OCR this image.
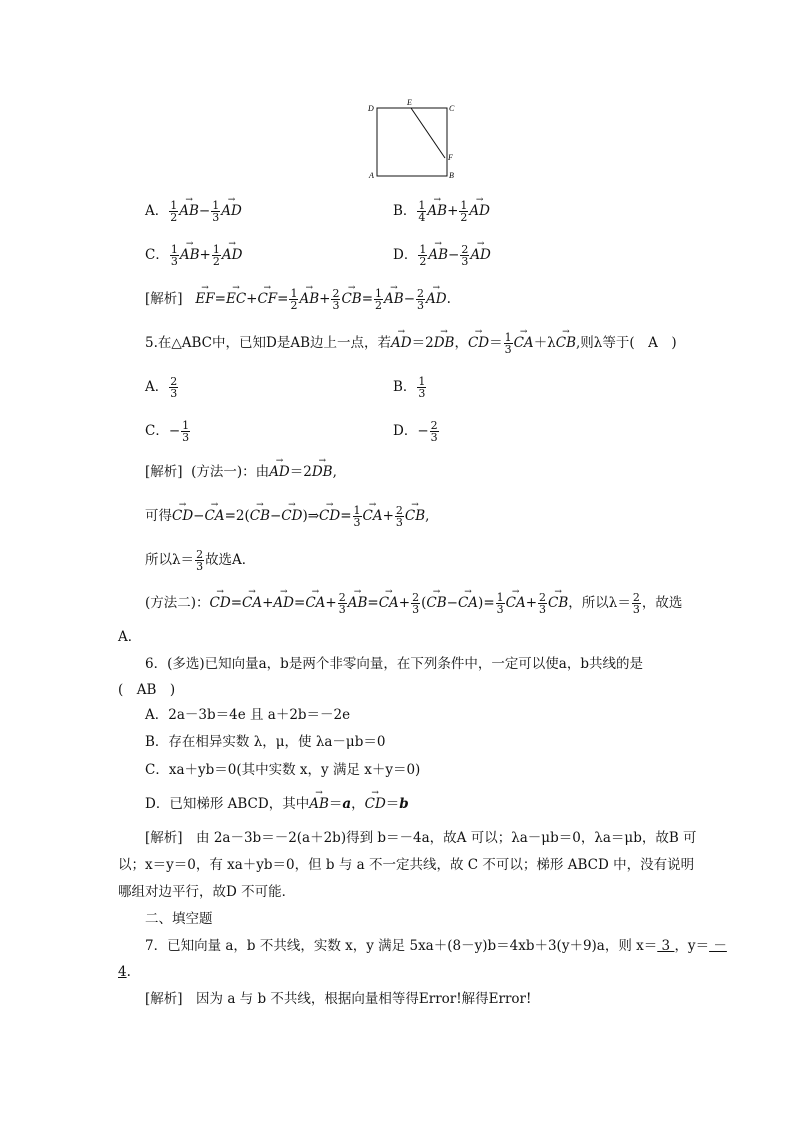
D
E
C
F
A	B
A． $\frac{1}{2}$
→ $AB- \frac{1}{3}$
→ AD	B． $\frac{1}{4}$
→ $AB+ \frac{1}{2}$
→ AD
C． $\frac{1}{3}$
→ $AB+ \frac{1}{2}$
→ AD	D． $\frac{1}{2}$
→ $AB- \frac{2}{3}$
→ AD
[解析]   → $EF=\to EC+\to CF= \frac{1}{2}$
→ $AB+ \frac{2}{3}$
→ $CB= \frac{1}{2}$
→ $AB- \frac{2}{3}$
→ AD.
5.在△ABC中，已知D是AB边上一点，若→ AD＝2→ DB，→ $CD= \frac{1}{3}$
→ CA＋λ→ CB,则λ等于(　A　)
A． $\frac{2}{3}$	B． $\frac{1}{3}$
C．− $\frac{1}{3}$	D．− $\frac{2}{3}$
[解析] (方法一)：由→ AD＝2→ DB,
可得→ CD−→ CA=2(→ CB−→ CD)⇒→ $CD= \frac{1}{3}$
→ $CA+ \frac{2}{3}$
→ CB,
所以$\lambda= \frac{2}{3}$ 故选A．
(方法二)：→ $CD=\to CA+\to AD=\to CA+ \frac{2}{3}$
→ $AB=\to CA+ \frac{2}{3}$ (→ $CB-\to CA)= \frac{1}{3}$
→ $CA+ \frac{2}{3}$
→ CB，所以$\lambda= \frac{2}{3}$ ，故选
A．
6．(多选)已知向量a，b是两个非零向量，在下列条件中，一定可以使a，b共线的是
(　AB　)
A．2a－3b＝4e 且 a＋2b＝－2e
B．存在相异实数 λ，μ，使 λa－μb＝0
C．xa＋yb＝0(其中实数 x，y 满足 x＋y＝0)
D．已知梯形 ABCD，其中→ AB＝a，→ CD＝b
[解析]　由 2a－3b＝－2(a＋2b)得到 b＝－4a，故A 可以；λa－μb＝0，λa＝μb，故B 可
以；x＝y＝0，有 xa＋yb＝0，但 b 与 a 不一定共线，故 C 不可以；梯形 ABCD 中，没有说明
哪组对边平行，故D 不可能．
二、填空题
7．已知向量 a，b 不共线，实数 x，y 满足 5xa＋(8－y)b＝4xb＋3(y＋9)a，则 x＝ 3 ，y＝ －
4.
[解析]　因为 a 与 b 不共线，根据向量相等得Error!解得Error!
